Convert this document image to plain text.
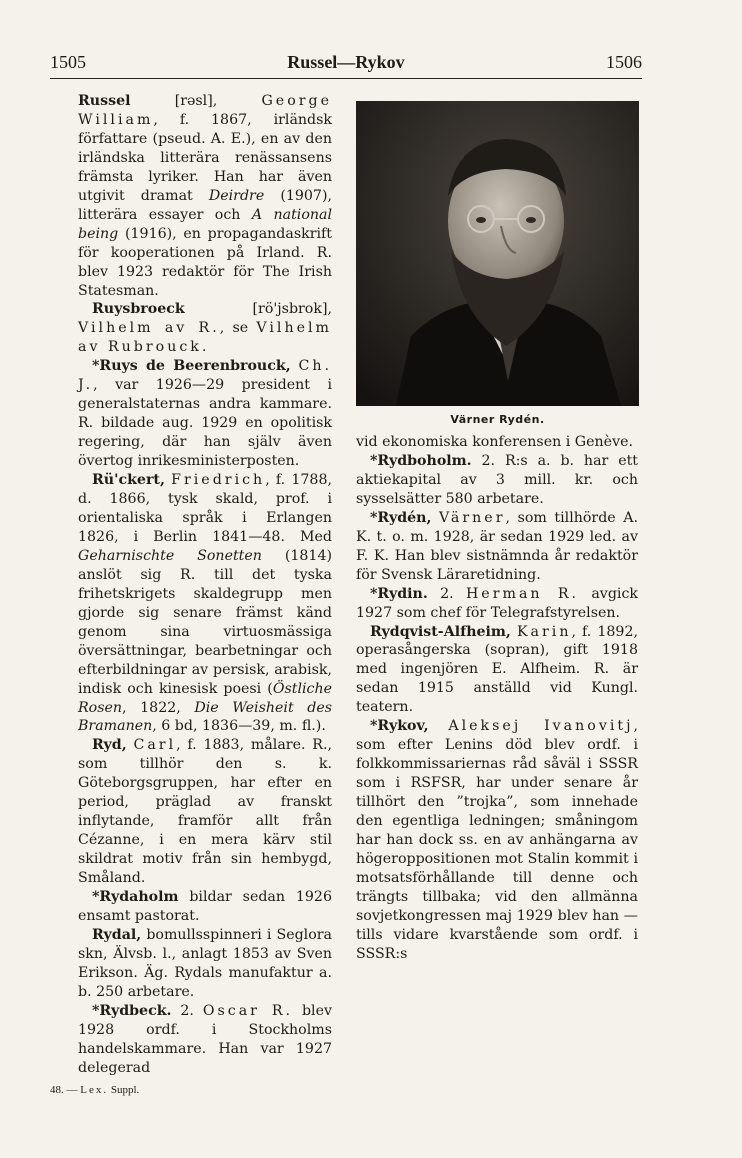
1505	Russel—Rykov	1506

Russel [rəsl], George William, f. 1867, irländsk författare (pseud. A. E.), en av den irländska litterära renässansens främsta lyriker. Han har även utgivit dramat Deirdre (1907), litterära essayer och A national being (1916), en propagandaskrift för kooperationen på Irland. R. blev 1923 redaktör för The Irish Statesman.

Ruysbroeck [rö'jsbrok], Vilhelm av R., se Vilhelm av Rubrouck.

*Ruys de Beerenbrouck, Ch. J., var 1926—29 president i generalstaternas andra kammare. R. bildade aug. 1929 en opolitisk regering, där han själv även övertog inrikesministerposten.

Rü'ckert, Friedrich, f. 1788, d. 1866, tysk skald, prof. i orientaliska språk i Erlangen 1826, i Berlin 1841—48. Med Geharnischte Sonetten (1814) anslöt sig R. till det tyska frihetskrigets skaldegrupp men gjorde sig senare främst känd genom sina virtuosmässiga översättningar, bearbetningar och efterbildningar av persisk, arabisk, indisk och kinesisk poesi (Östliche Rosen, 1822, Die Weisheit des Bramanen, 6 bd, 1836—39, m. fl.).

Ryd, Carl, f. 1883, målare. R., som tillhör den s. k. Göteborgsgruppen, har efter en period, präglad av franskt inflytande, framför allt från Cézanne, i en mera kärv stil skildrat motiv från sin hembygd, Småland.

*Rydaholm bildar sedan 1926 ensamt pastorat.

Rydal, bomullsspinneri i Seglora skn, Älvsb. l., anlagt 1853 av Sven Erikson. Äg. Rydals manufaktur a. b. 250 arbetare.

*Rydbeck. 2. Oscar R. blev 1928 ordf. i Stockholms handelskammare. Han var 1927 delegerad

Värner Rydén.

vid ekonomiska konferensen i Genève.

*Rydboholm. 2. R:s a. b. har ett aktiekapital av 3 mill. kr. och sysselsätter 580 arbetare.

*Rydén, Värner, som tillhörde A. K. t. o. m. 1928, är sedan 1929 led. av F. K. Han blev sistnämnda år redaktör för Svensk Läraretidning.

*Rydin. 2. Herman R. avgick 1927 som chef för Telegrafstyrelsen.

Rydqvist-Alfheim, Karin, f. 1892, operasångerska (sopran), gift 1918 med ingenjören E. Alfheim. R. är sedan 1915 anställd vid Kungl. teatern.

*Rykov, Aleksej Ivanovitj, som efter Lenins död blev ordf. i folkkommissariernas råd såväl i SSSR som i RSFSR, har under senare år tillhört den ”trojka”, som innehade den egentliga ledningen; småningom har han dock ss. en av anhängarna av högeroppositionen mot Stalin kommit i motsatsförhållande till denne och trängts tillbaka; vid den allmänna sovjetkongressen maj 1929 blev han — tills vidare kvarstående som ordf. i SSSR:s

48. — Lex. Suppl.
